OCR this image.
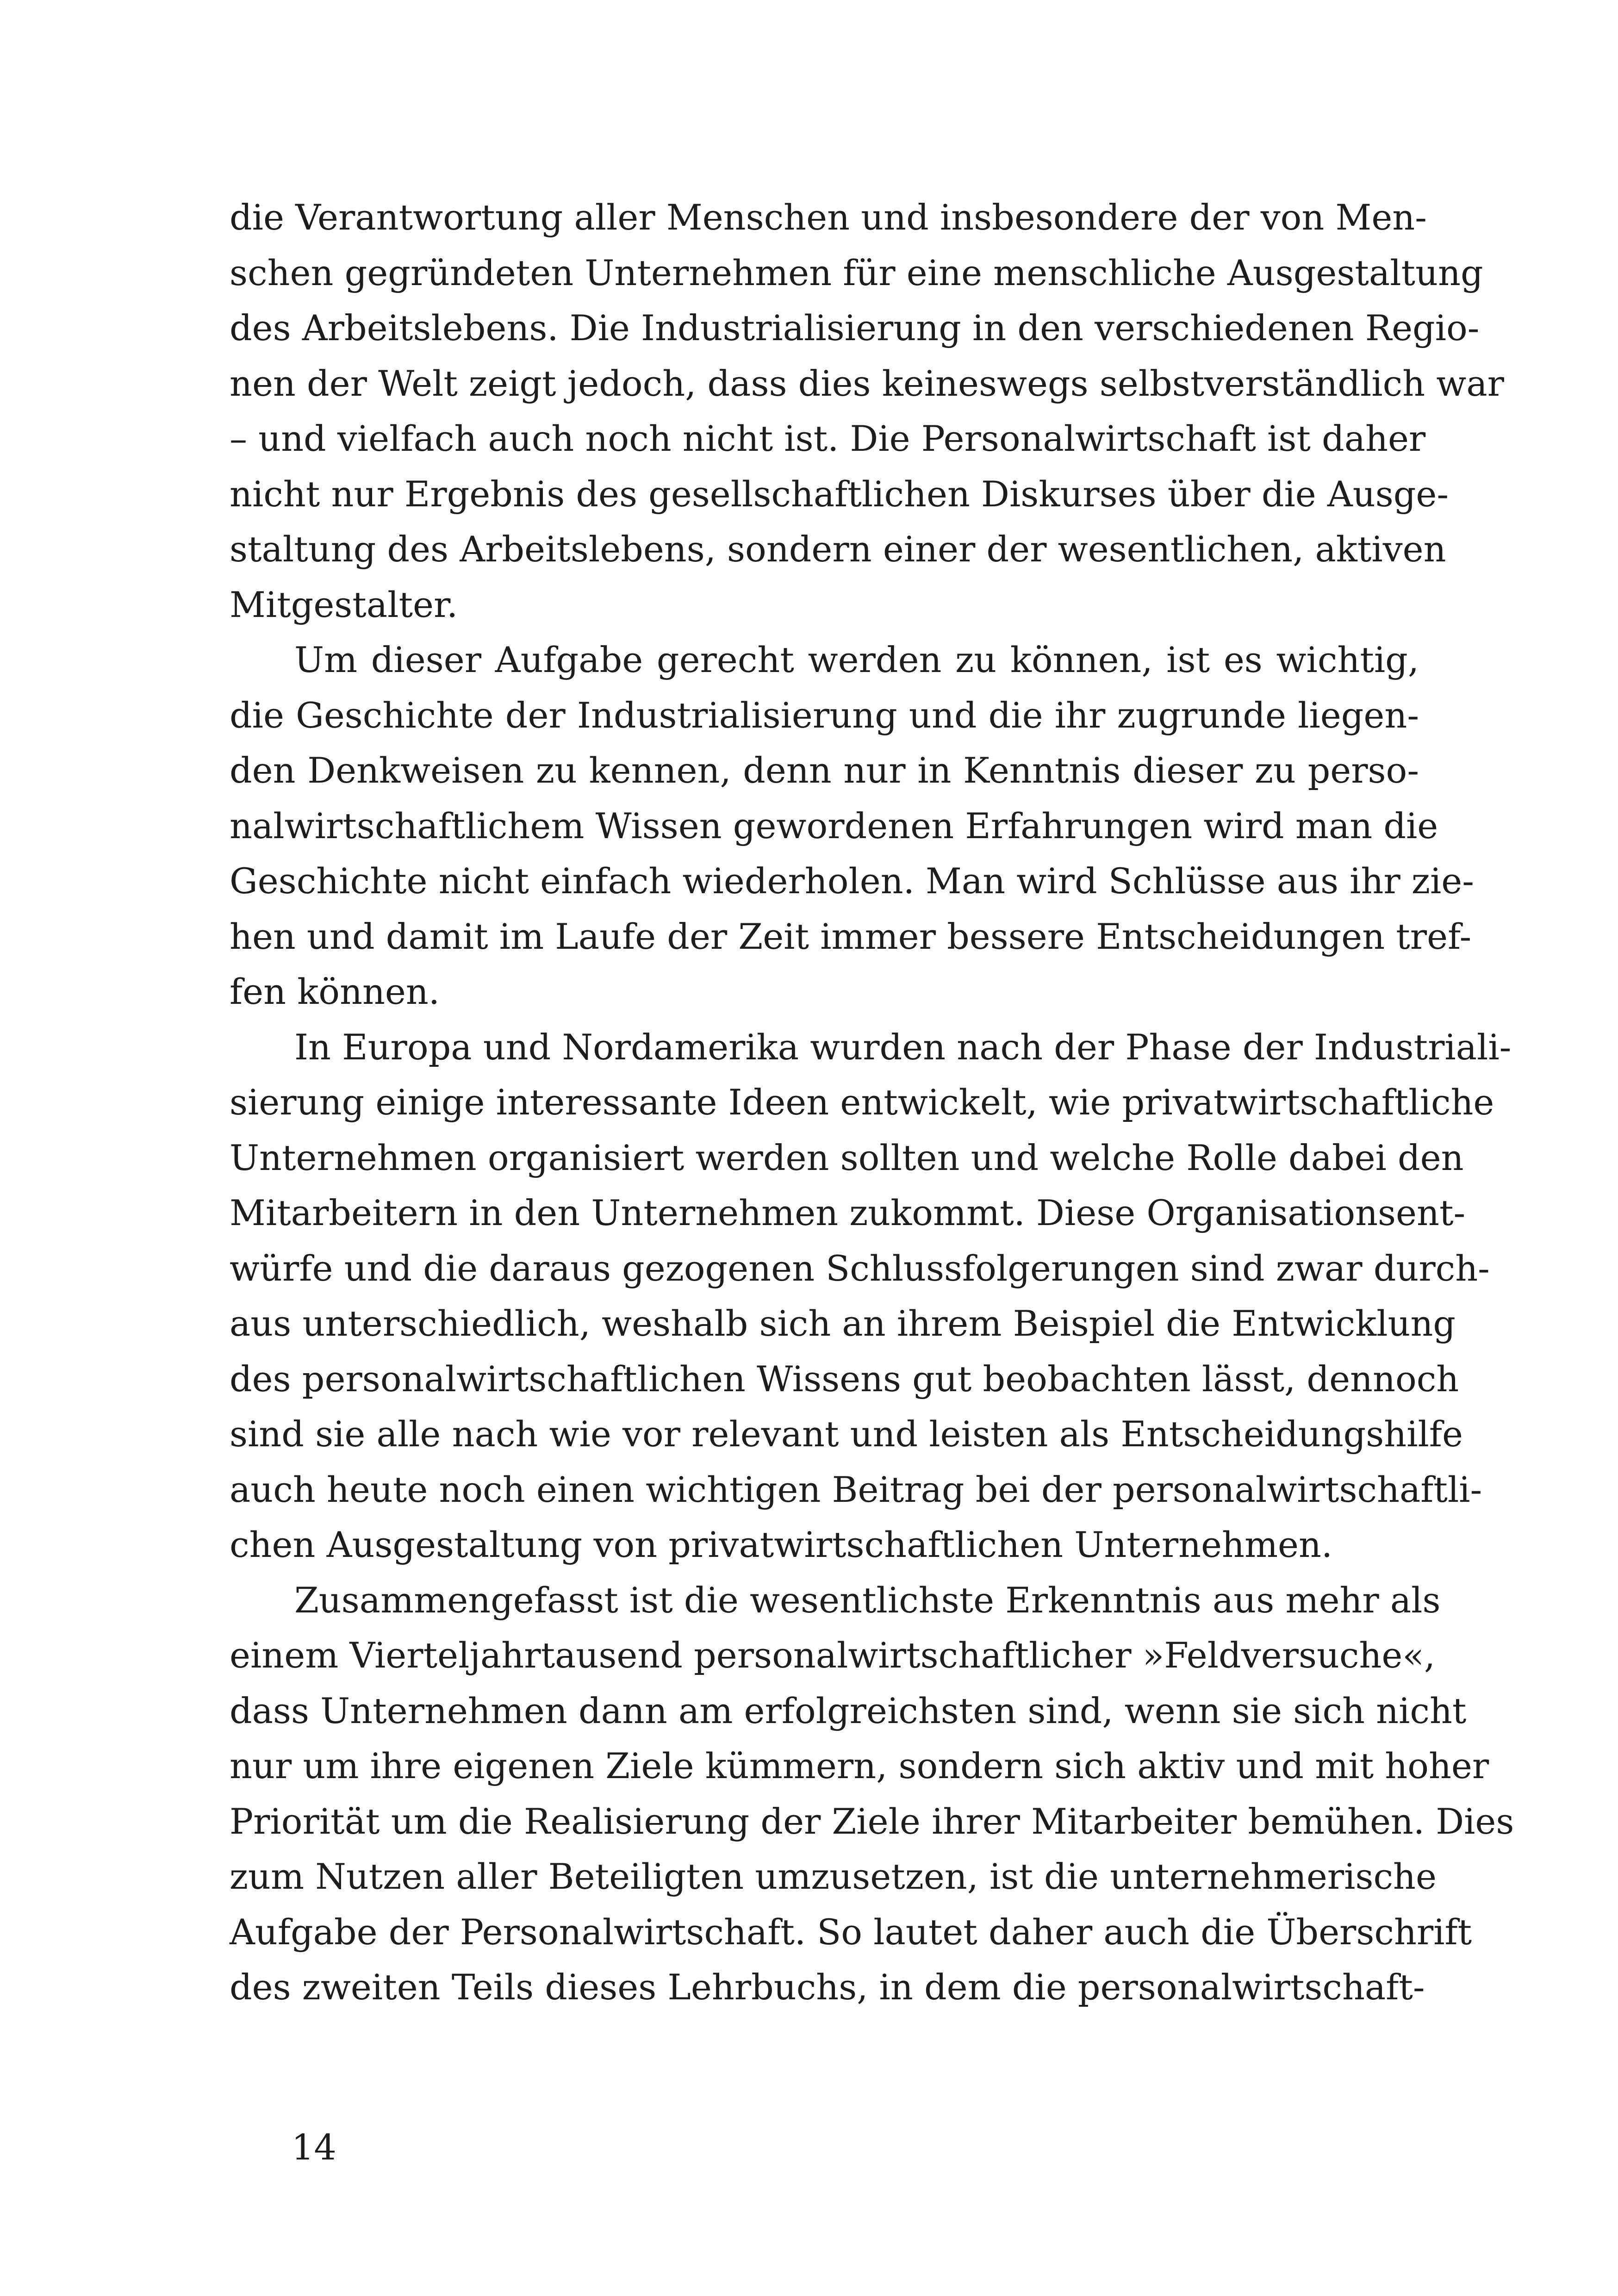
die Verantwortung aller Menschen und insbesondere der von Men-
schen gegründeten Unternehmen für eine menschliche Ausgestaltung
des Arbeitslebens. Die Industrialisierung in den verschiedenen Regio-
nen der Welt zeigt jedoch, dass dies keineswegs selbstverständlich war
– und vielfach auch noch nicht ist. Die Personalwirtschaft ist daher
nicht nur Ergebnis des gesellschaftlichen Diskurses über die Ausge-
staltung des Arbeitslebens, sondern einer der wesentlichen, aktiven
Mitgestalter.
Um dieser Aufgabe gerecht werden zu können, ist es wichtig,
die Geschichte der Industrialisierung und die ihr zugrunde liegen-
den Denkweisen zu kennen, denn nur in Kenntnis dieser zu perso-
nalwirtschaftlichem Wissen gewordenen Erfahrungen wird man die
Geschichte nicht einfach wiederholen. Man wird Schlüsse aus ihr zie-
hen und damit im Laufe der Zeit immer bessere Entscheidungen tref-
fen können.
In Europa und Nordamerika wurden nach der Phase der Industriali-
sierung einige interessante Ideen entwickelt, wie privatwirtschaftliche
Unternehmen organisiert werden sollten und welche Rolle dabei den
Mitarbeitern in den Unternehmen zukommt. Diese Organisationsent-
würfe und die daraus gezogenen Schlussfolgerungen sind zwar durch-
aus unterschiedlich, weshalb sich an ihrem Beispiel die Entwicklung
des personalwirtschaftlichen Wissens gut beobachten lässt, dennoch
sind sie alle nach wie vor relevant und leisten als Entscheidungshilfe
auch heute noch einen wichtigen Beitrag bei der personalwirtschaftli-
chen Ausgestaltung von privatwirtschaftlichen Unternehmen.
Zusammengefasst ist die wesentlichste Erkenntnis aus mehr als
einem Vierteljahrtausend personalwirtschaftlicher »Feldversuche«,
dass Unternehmen dann am erfolgreichsten sind, wenn sie sich nicht
nur um ihre eigenen Ziele kümmern, sondern sich aktiv und mit hoher
Priorität um die Realisierung der Ziele ihrer Mitarbeiter bemühen. Dies
zum Nutzen aller Beteiligten umzusetzen, ist die unternehmerische
Aufgabe der Personalwirtschaft. So lautet daher auch die Überschrift
des zweiten Teils dieses Lehrbuchs, in dem die personalwirtschaft-
14
